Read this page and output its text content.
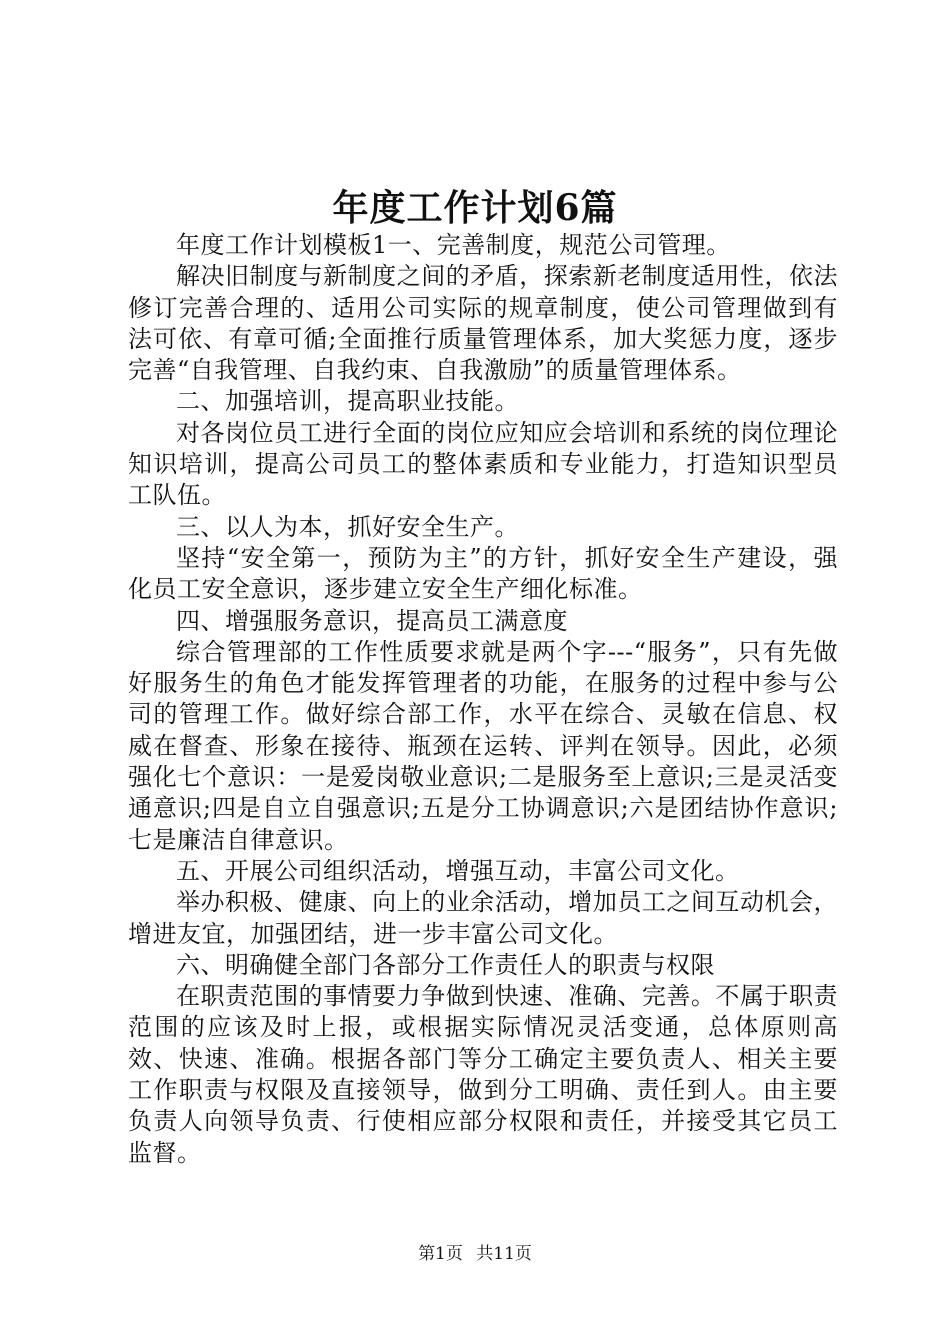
年度工作计划6篇

年度工作计划模板1一、完善制度，规范公司管理。

解决旧制度与新制度之间的矛盾，探索新老制度适用性，依法修订完善合理的、适用公司实际的规章制度，使公司管理做到有法可依、有章可循;全面推行质量管理体系，加大奖惩力度，逐步完善“自我管理、自我约束、自我激励”的质量管理体系。

二、加强培训，提高职业技能。

对各岗位员工进行全面的岗位应知应会培训和系统的岗位理论知识培训，提高公司员工的整体素质和专业能力，打造知识型员工队伍。

三、以人为本，抓好安全生产。

坚持“安全第一，预防为主”的方针，抓好安全生产建设，强化员工安全意识，逐步建立安全生产细化标准。

四、增强服务意识，提高员工满意度

综合管理部的工作性质要求就是两个字---“服务”，只有先做好服务生的角色才能发挥管理者的功能，在服务的过程中参与公司的管理工作。做好综合部工作，水平在综合、灵敏在信息、权威在督查、形象在接待、瓶颈在运转、评判在领导。因此，必须强化七个意识：一是爱岗敬业意识;二是服务至上意识;三是灵活变通意识;四是自立自强意识;五是分工协调意识;六是团结协作意识;七是廉洁自律意识。

五、开展公司组织活动，增强互动，丰富公司文化。

举办积极、健康、向上的业余活动，增加员工之间互动机会，增进友宜，加强团结，进一步丰富公司文化。

六、明确健全部门各部分工作责任人的职责与权限

在职责范围的事情要力争做到快速、准确、完善。不属于职责范围的应该及时上报，或根据实际情况灵活变通，总体原则高效、快速、准确。根据各部门等分工确定主要负责人、相关主要工作职责与权限及直接领导，做到分工明确、责任到人。由主要负责人向领导负责、行使相应部分权限和责任，并接受其它员工监督。

第1页 共11页
